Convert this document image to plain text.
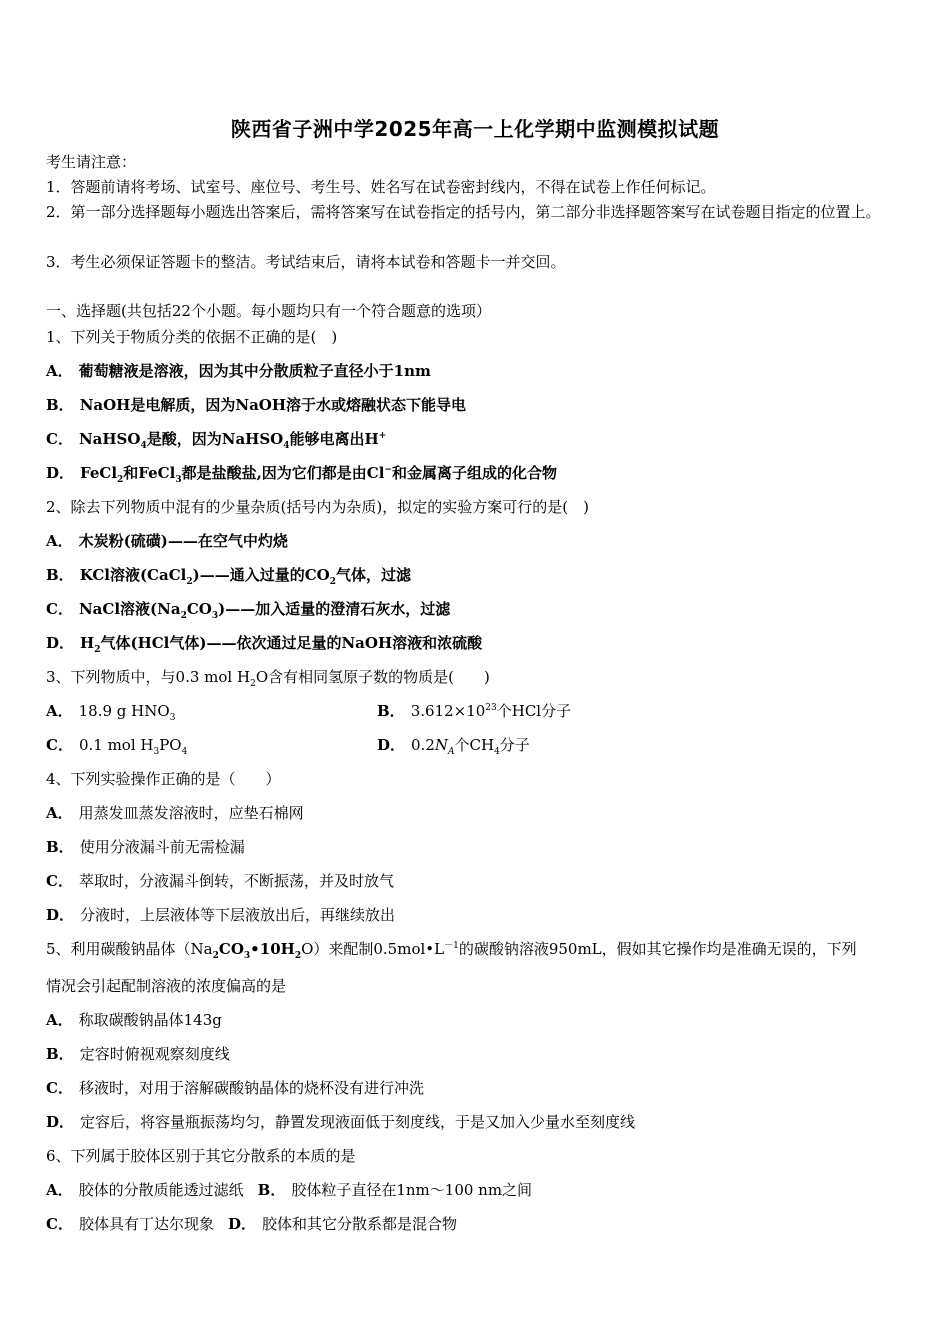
陕西省子洲中学2025年高一上化学期中监测模拟试题
考生请注意：
1．答题前请将考场、试室号、座位号、考生号、姓名写在试卷密封线内，不得在试卷上作任何标记。
2．第一部分选择题每小题选出答案后，需将答案写在试卷指定的括号内，第二部分非选择题答案写在试卷题目指定的位置上。
3．考生必须保证答题卡的整洁。考试结束后，请将本试卷和答题卡一并交回。
一、选择题(共包括22个小题。每小题均只有一个符合题意的选项）
1、下列关于物质分类的依据不正确的是(　)
A． 葡萄糖液是溶液，因为其中分散质粒子直径小于1nm
B． NaOH是电解质，因为NaOH溶于水或熔融状态下能导电
C． NaHSO$_4$是酸，因为NaHSO$_4$能够电离出H+
D． FeCl$_2$和FeCl$_3$都是盐酸盐,因为它们都是由Cl−和金属离子组成的化合物
2、除去下列物质中混有的少量杂质(括号内为杂质)，拟定的实验方案可行的是(　)
A． 木炭粉(硫磺)——在空气中灼烧
B． KCl溶液(CaCl$_2$)——通入过量的$CO_2$气体，过滤
C． NaCl溶液$(Na_2CO_3)——$加入适量的澄清石灰水，过滤
D． $H_2$气体(HCl气体)——依次通过足量的NaOH溶液和浓硫酸
3、下列物质中，与0.3 mol $H_2O$含有相同氢原子数的物质是(　　)
A． 18.9 g $HNO_3$	B． $3.612\times 10^{23}$个HCl分子
C． 0.1 mol $H_3PO_4$	D． $0.2N_A$个$CH_4$分子
4、下列实验操作正确的是（　　）
A． 用蒸发皿蒸发溶液时，应垫石棉网
B． 使用分液漏斗前无需检漏
C． 萃取时，分液漏斗倒转，不断振荡，并及时放气
D． 分液时，上层液体等下层液放出后，再继续放出
5、利用碳酸钠晶体$(Na_2CO_3•10H_2O)$来配制$0.5mol•L^{-1}$的碳酸钠溶液950mL，假如其它操作均是准确无误的，下列
情况会引起配制溶液的浓度偏高的是
A． 称取碳酸钠晶体143g
B． 定容时俯视观察刻度线
C． 移液时，对用于溶解碳酸钠晶体的烧杯没有进行冲洗
D． 定容后，将容量瓶振荡均匀，静置发现液面低于刻度线，于是又加入少量水至刻度线
6、下列属于胶体区别于其它分散系的本质的是
A． 胶体的分散质能透过滤纸 B． 胶体粒子直径在1nm～100 nm之间
C． 胶体具有丁达尔现象 D． 胶体和其它分散系都是混合物
